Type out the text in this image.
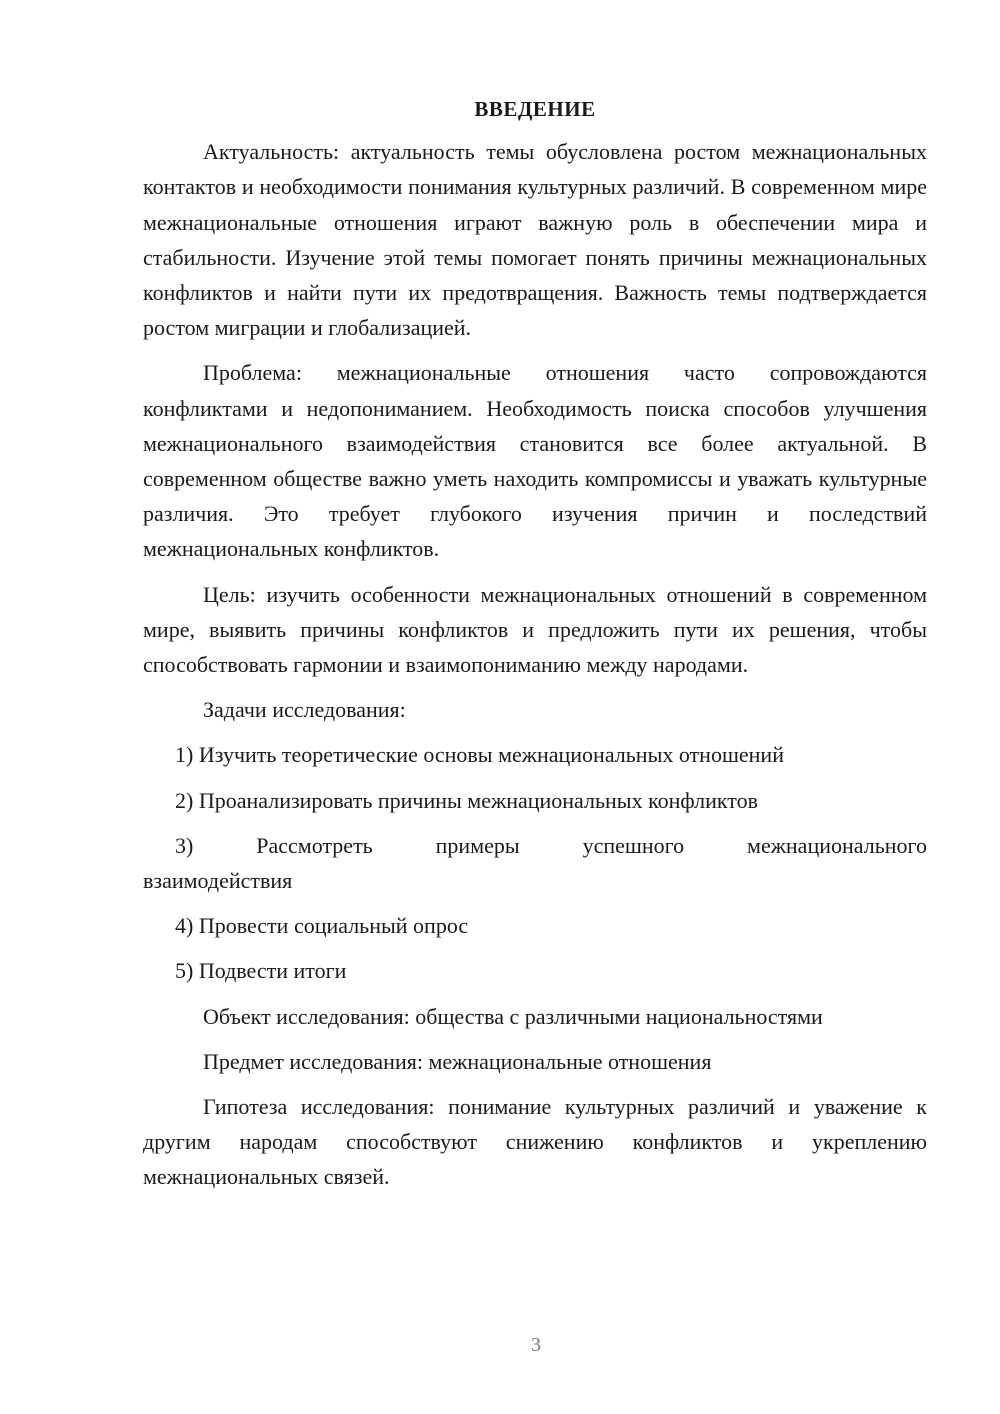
ВВЕДЕНИЕ
Актуальность: актуальность темы обусловлена ростом межнациональных контактов и необходимости понимания культурных различий. В современном мире межнациональные отношения играют важную роль в обеспечении мира и стабильности. Изучение этой темы помогает понять причины межнациональных конфликтов и найти пути их предотвращения. Важность темы подтверждается ростом миграции и глобализацией.
Проблема: межнациональные отношения часто сопровождаются конфликтами и недопониманием. Необходимость поиска способов улучшения межнационального взаимодействия становится все более актуальной. В современном обществе важно уметь находить компромиссы и уважать культурные различия. Это требует глубокого изучения причин и последствий межнациональных конфликтов.
Цель: изучить особенности межнациональных отношений в современном мире, выявить причины конфликтов и предложить пути их решения, чтобы способствовать гармонии и взаимопониманию между народами.
Задачи исследования:
1) Изучить теоретические основы межнациональных отношений
2) Проанализировать причины межнациональных конфликтов
3) Рассмотреть примеры успешного межнационального
взаимодействия
4) Провести социальный опрос
5) Подвести итоги
Объект исследования: общества с различными национальностями
Предмет исследования: межнациональные отношения
Гипотеза исследования: понимание культурных различий и уважение к другим народам способствуют снижению конфликтов и укреплению межнациональных связей.
3
